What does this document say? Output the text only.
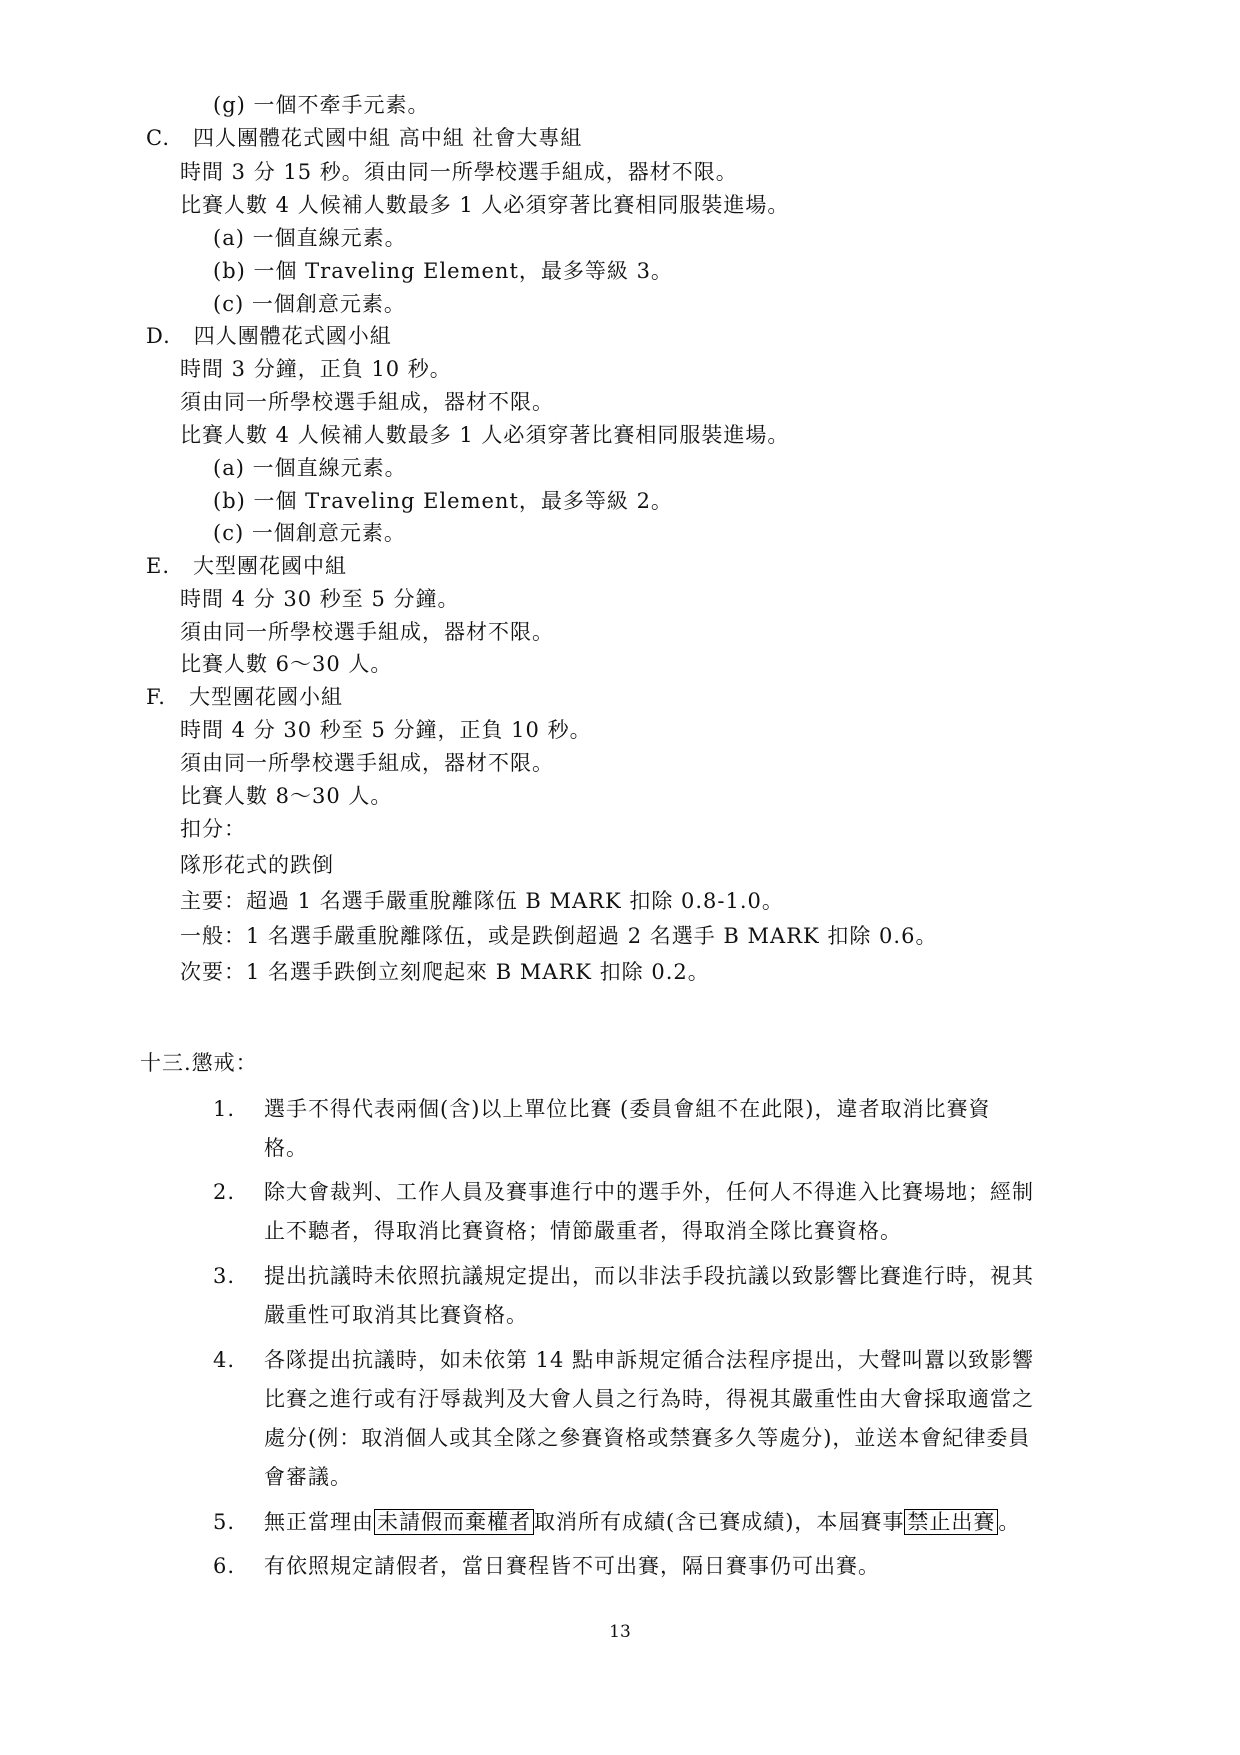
(g) 一個不牽手元素。
C. 四人團體花式國中組 高中組 社會大專組
時間 3 分 15 秒。須由同一所學校選手組成，器材不限。
比賽人數 4 人候補人數最多 1 人必須穿著比賽相同服裝進場。
(a) 一個直線元素。
(b) 一個 Traveling Element，最多等級 3。
(c) 一個創意元素。
D. 四人團體花式國小組
時間 3 分鐘，正負 10 秒。
須由同一所學校選手組成，器材不限。
比賽人數 4 人候補人數最多 1 人必須穿著比賽相同服裝進場。
(a) 一個直線元素。
(b) 一個 Traveling Element，最多等級 2。
(c) 一個創意元素。
E. 大型團花國中組
時間 4 分 30 秒至 5 分鐘。
須由同一所學校選手組成，器材不限。
比賽人數 6～30 人。
F. 大型團花國小組
時間 4 分 30 秒至 5 分鐘，正負 10 秒。
須由同一所學校選手組成，器材不限。
比賽人數 8～30 人。
扣分：
隊形花式的跌倒
主要：超過 1 名選手嚴重脫離隊伍 B MARK 扣除 0.8-1.0。
一般：1 名選手嚴重脫離隊伍，或是跌倒超過 2 名選手 B MARK 扣除 0.6。
次要：1 名選手跌倒立刻爬起來 B MARK 扣除 0.2。
十三.懲戒：
1. 選手不得代表兩個(含)以上單位比賽 (委員會組不在此限)，違者取消比賽資
格。
2. 除大會裁判、工作人員及賽事進行中的選手外，任何人不得進入比賽場地；經制
止不聽者，得取消比賽資格；情節嚴重者，得取消全隊比賽資格。
3. 提出抗議時未依照抗議規定提出，而以非法手段抗議以致影響比賽進行時，視其
嚴重性可取消其比賽資格。
4. 各隊提出抗議時，如未依第 14 點申訴規定循合法程序提出，大聲叫囂以致影響
比賽之進行或有汙辱裁判及大會人員之行為時，得視其嚴重性由大會採取適當之
處分(例：取消個人或其全隊之參賽資格或禁賽多久等處分)，並送本會紀律委員
會審議。
5. 無正當理由 未請假而棄權者 取消所有成績(含已賽成績)，本屆賽事 禁止出賽 。
6. 有依照規定請假者，當日賽程皆不可出賽，隔日賽事仍可出賽。
13
